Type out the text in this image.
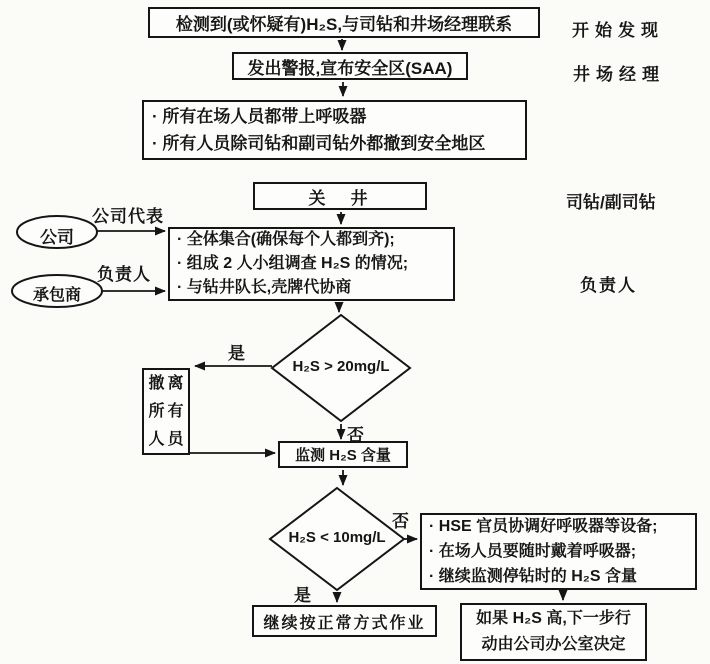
检测到(或怀疑有)H₂S,与司钻和井场经理联系
发出警报,宣布安全区(SAA)
· 所有在场人员都带上呼吸器
· 所有人员除司钻和副司钻外都撤到安全地区
关　井
· 全体集合(确保每个人都到齐);
· 组成 2 人小组调查 H₂S 的情况;
· 与钻井队长,壳牌代协商
撤离
所有
人员
监测 H₂S 含量
· HSE 官员协调好呼吸器等设备;
· 在场人员要随时戴着呼吸器;
· 继续监测停钻时的 H₂S 含量
继续按正常方式作业	如果 H₂S 高,下一步行
动由公司办公室决定
H₂S > 20mg/L
H₂S < 10mg/L
公司
承包商
公司代表
负责人
是
否
否
是
开始发现
井场经理
司钻/副司钻
负责人
